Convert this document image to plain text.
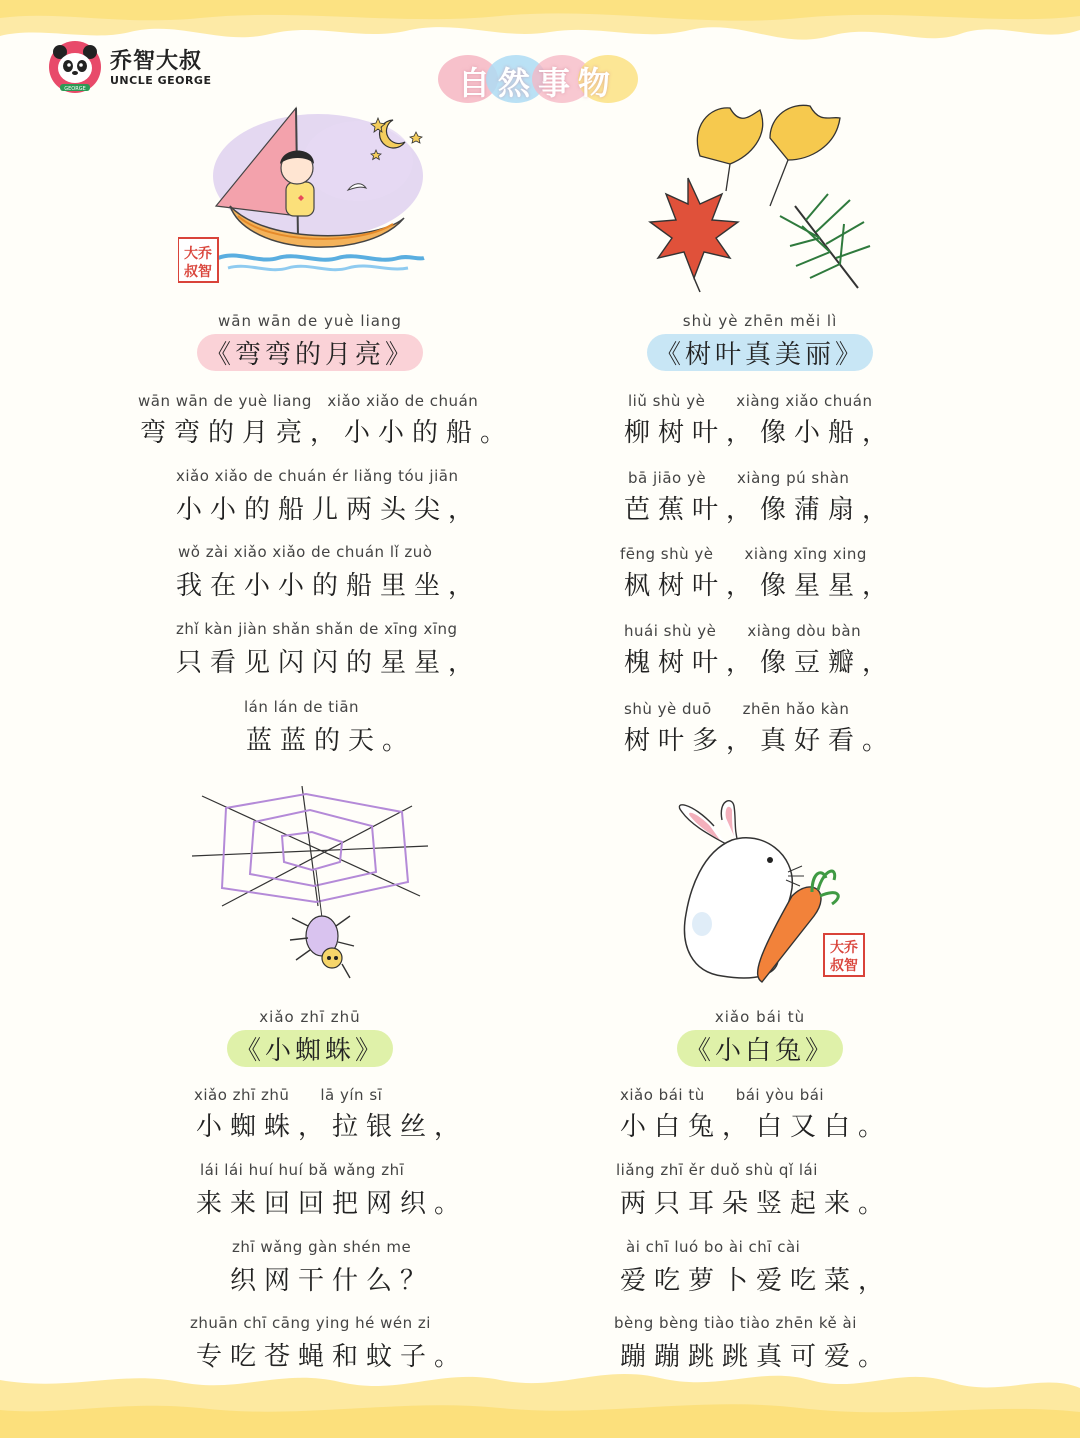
GEORGE
乔智大叔
UNCLE GEORGE	自然事物
大乔
叔智
大乔
叔智
wān wān de yuè liang
《弯弯的月亮》
wān wān de yuè liang　xiǎo xiǎo de chuán
弯弯的月亮，小小的船。
xiǎo xiǎo de chuán ér liǎng tóu jiān
小小的船儿两头尖，
wǒ zài xiǎo xiǎo de chuán lǐ zuò
我在小小的船里坐，
zhǐ kàn jiàn shǎn shǎn de xīng xīng
只看见闪闪的星星，
lán lán de tiān
蓝蓝的天。
shù yè zhēn měi lì
《树叶真美丽》
liǔ shù yè　　xiàng xiǎo chuán
柳树叶，像小船，
bā jiāo yè　　xiàng pú shàn
芭蕉叶，像蒲扇，
fēng shù yè　　xiàng xīng xing
枫树叶，像星星，
huái shù yè　　xiàng dòu bàn
槐树叶，像豆瓣，
shù yè duō　　zhēn hǎo kàn
树叶多，真好看。
xiǎo zhī zhū
《小蜘蛛》
xiǎo zhī zhū　　lā yín sī
小蜘蛛，拉银丝，
lái lái huí huí bǎ wǎng zhī
来来回回把网织。
zhī wǎng gàn shén me
织网干什么？
zhuān chī cāng ying hé wén zi
专吃苍蝇和蚊子。
xiǎo bái tù
《小白兔》
xiǎo bái tù　　bái yòu bái
小白兔，白又白。
liǎng zhī ěr duǒ shù qǐ lái
两只耳朵竖起来。
ài chī luó bo ài chī cài
爱吃萝卜爱吃菜，
bèng bèng tiào tiào zhēn kě ài
蹦蹦跳跳真可爱。
